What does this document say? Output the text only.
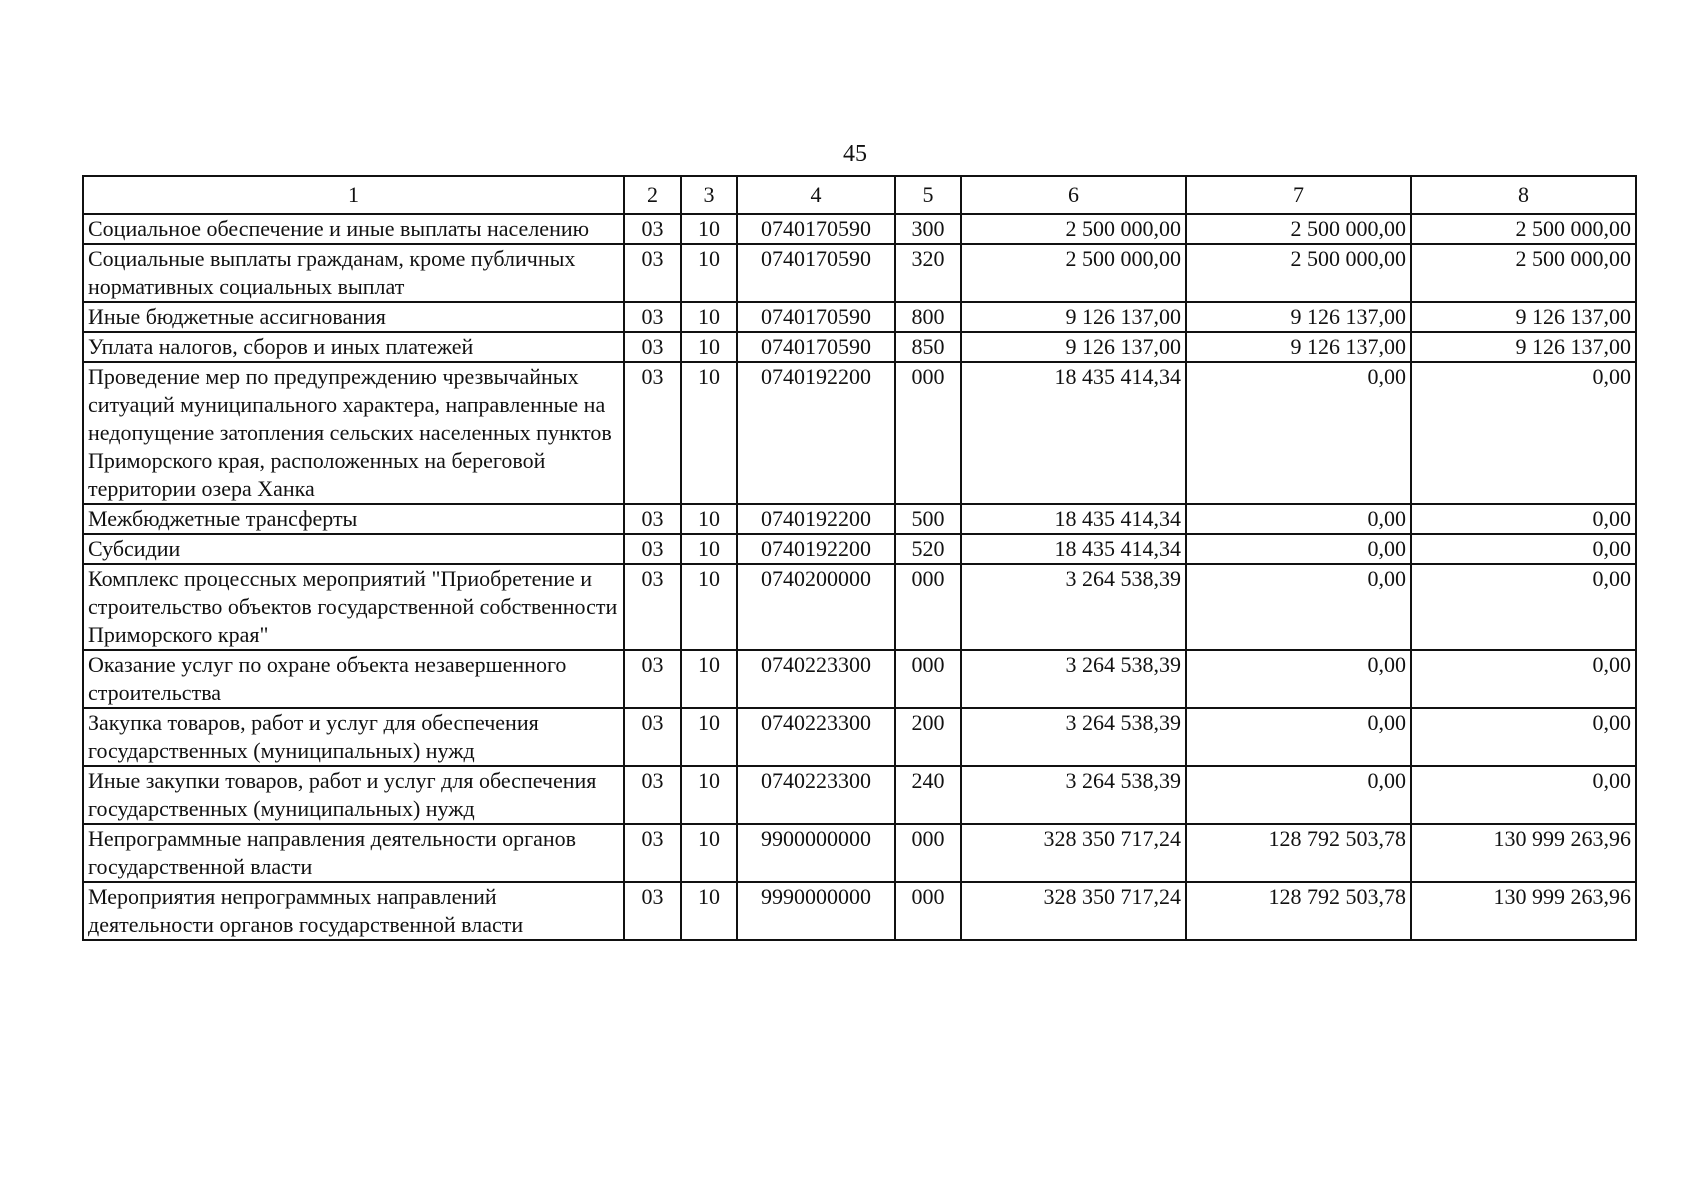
45
1	2	3	4	5	6	7	8
Социальное обеспечение и иные выплаты населению	03	10	0740170590	300	2 500 000,00	2 500 000,00	2 500 000,00
Социальные выплаты гражданам, кроме публичных нормативных социальных выплат	03	10	0740170590	320	2 500 000,00	2 500 000,00	2 500 000,00
Иные бюджетные ассигнования	03	10	0740170590	800	9 126 137,00	9 126 137,00	9 126 137,00
Уплата налогов, сборов и иных платежей	03	10	0740170590	850	9 126 137,00	9 126 137,00	9 126 137,00
Проведение мер по предупреждению чрезвычайных ситуаций муниципального характера, направленные на недопущение затопления сельских населенных пунктов Приморского края, расположенных на береговой территории озера Ханка	03	10	0740192200	000	18 435 414,34	0,00	0,00
Межбюджетные трансферты	03	10	0740192200	500	18 435 414,34	0,00	0,00
Субсидии	03	10	0740192200	520	18 435 414,34	0,00	0,00
Комплекс процессных мероприятий "Приобретение и строительство объектов государственной собственности Приморского края"	03	10	0740200000	000	3 264 538,39	0,00	0,00
Оказание услуг по охране объекта незавершенного строительства	03	10	0740223300	000	3 264 538,39	0,00	0,00
Закупка товаров, работ и услуг для обеспечения государственных (муниципальных) нужд	03	10	0740223300	200	3 264 538,39	0,00	0,00
Иные закупки товаров, работ и услуг для обеспечения государственных (муниципальных) нужд	03	10	0740223300	240	3 264 538,39	0,00	0,00
Непрограммные направления деятельности органов государственной власти	03	10	9900000000	000	328 350 717,24	128 792 503,78	130 999 263,96
Мероприятия непрограммных направлений деятельности органов государственной власти	03	10	9990000000	000	328 350 717,24	128 792 503,78	130 999 263,96
